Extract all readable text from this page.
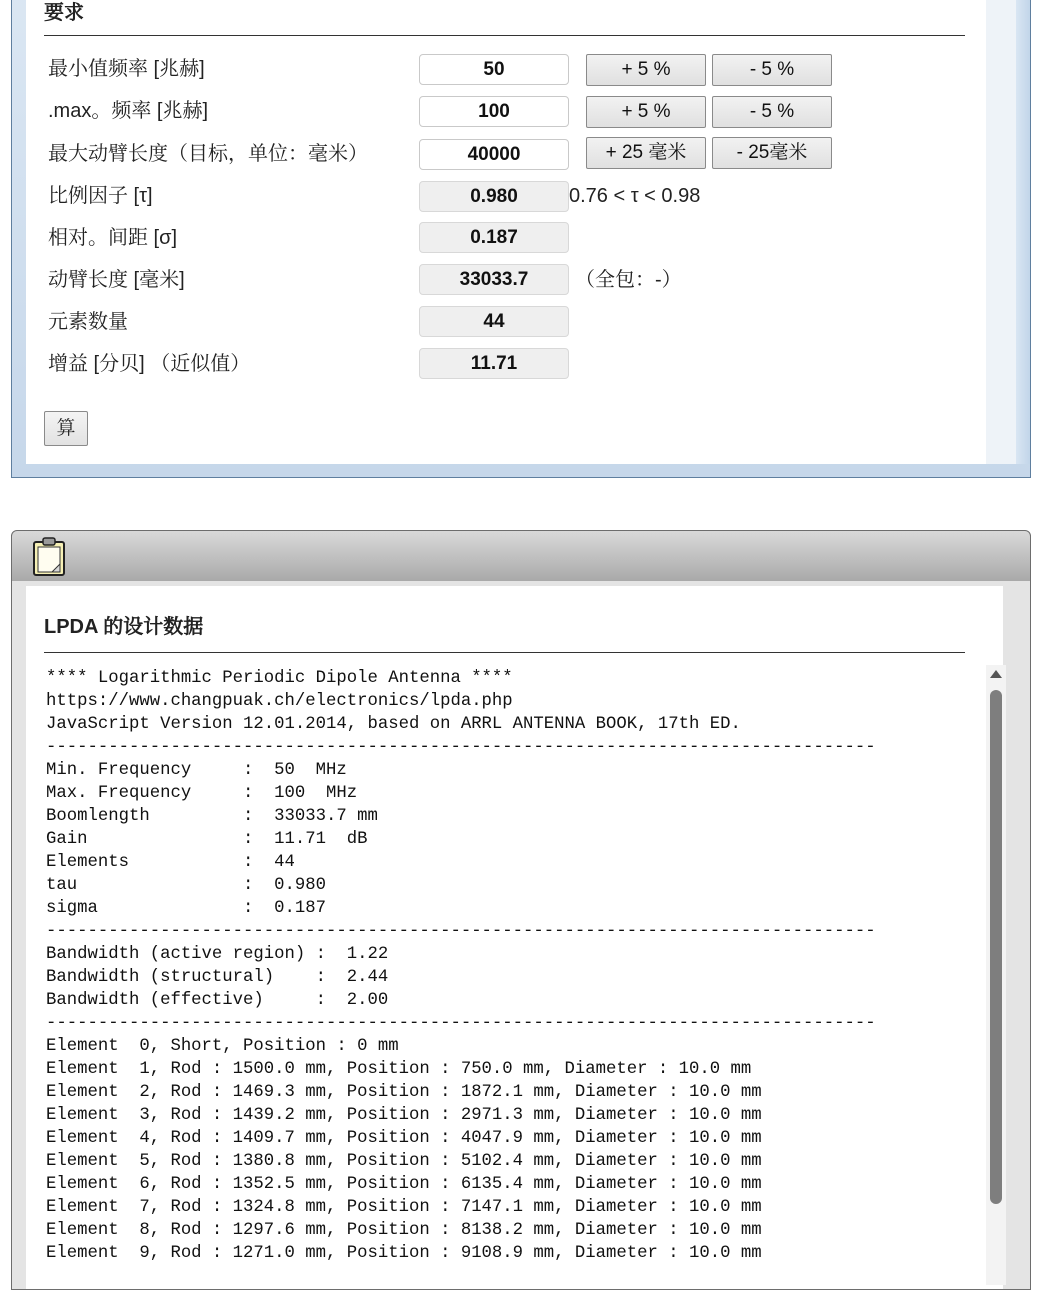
要求
最小值频率 [兆赫]	50	+ 5 %	- 5 %
.max。频率 [兆赫]	100	+ 5 %	- 5 %
最大动臂长度（目标，单位：毫米）	40000	+ 25 毫米	- 25毫米
比例因子 [τ]	0.980	0.76 < τ < 0.98
相对。间距 [σ]	0.187
动臂长度 [毫米]	33033.7	（全包：-）
元素数量	44
增益 [分贝] （近似值）	11.71
算
LPDA 的设计数据
**** Logarithmic Periodic Dipole Antenna ****
https://www.changpuak.ch/electronics/lpda.php
JavaScript Version 12.01.2014, based on ARRL ANTENNA BOOK, 17th ED.
--------------------------------------------------------------------------------
Min. Frequency     :  50  MHz
Max. Frequency     :  100  MHz
Boomlength         :  33033.7 mm
Gain               :  11.71  dB
Elements           :  44
tau                :  0.980
sigma              :  0.187
--------------------------------------------------------------------------------
Bandwidth (active region) :  1.22
Bandwidth (structural)    :  2.44
Bandwidth (effective)     :  2.00
--------------------------------------------------------------------------------
Element  0, Short, Position : 0 mm
Element  1, Rod : 1500.0 mm, Position : 750.0 mm, Diameter : 10.0 mm
Element  2, Rod : 1469.3 mm, Position : 1872.1 mm, Diameter : 10.0 mm
Element  3, Rod : 1439.2 mm, Position : 2971.3 mm, Diameter : 10.0 mm
Element  4, Rod : 1409.7 mm, Position : 4047.9 mm, Diameter : 10.0 mm
Element  5, Rod : 1380.8 mm, Position : 5102.4 mm, Diameter : 10.0 mm
Element  6, Rod : 1352.5 mm, Position : 6135.4 mm, Diameter : 10.0 mm
Element  7, Rod : 1324.8 mm, Position : 7147.1 mm, Diameter : 10.0 mm
Element  8, Rod : 1297.6 mm, Position : 8138.2 mm, Diameter : 10.0 mm
Element  9, Rod : 1271.0 mm, Position : 9108.9 mm, Diameter : 10.0 mm
